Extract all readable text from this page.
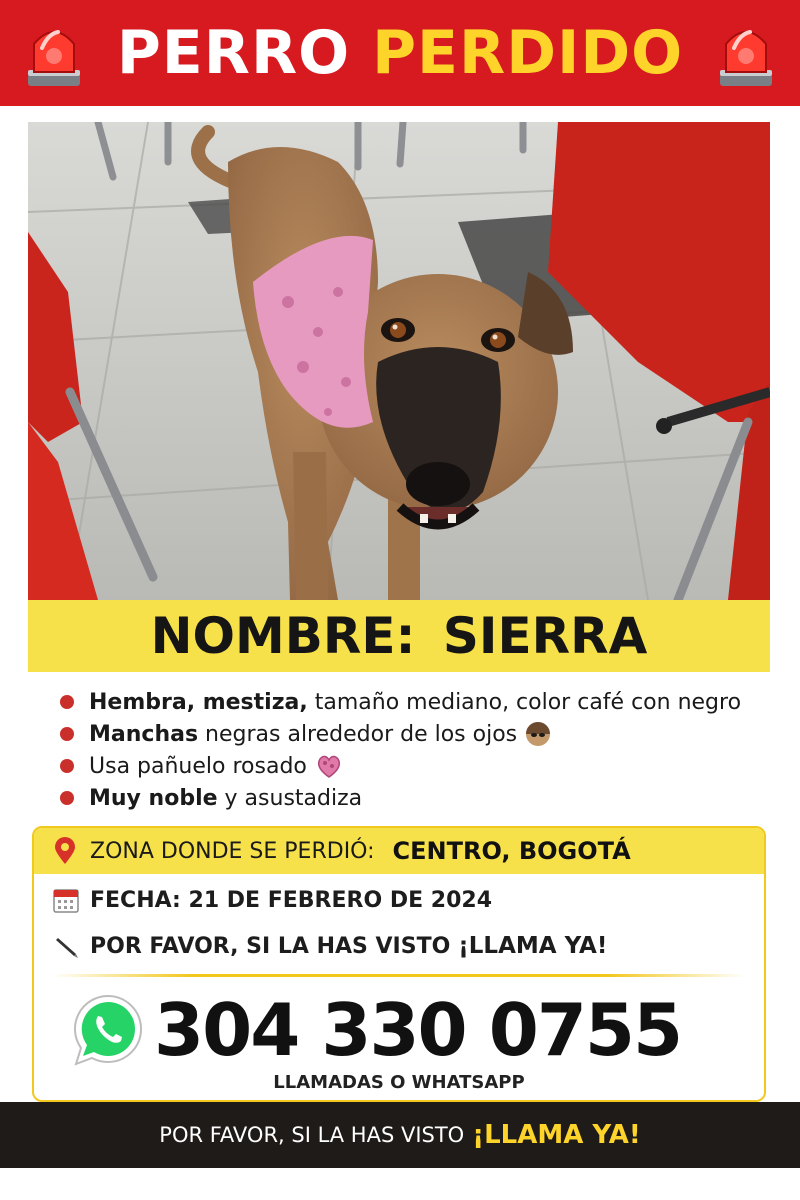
PERRO PERDIDO
NOMBRE: SIERRA
Hembra, mestiza, tamaño mediano, color café con negro
Manchas negras alrededor de los ojos
Usa pañuelo rosado
Muy noble y asustadiza
ZONA DONDE SE PERDIÓ: CENTRO, BOGOTÁ
FECHA: 21 DE FEBRERO DE 2024
POR FAVOR, SI LA HAS VISTO ¡LLAMA YA!
304 330 0755
LLAMADAS O WHATSAPP
POR FAVOR, SI LA HAS VISTO ¡LLAMA YA!
